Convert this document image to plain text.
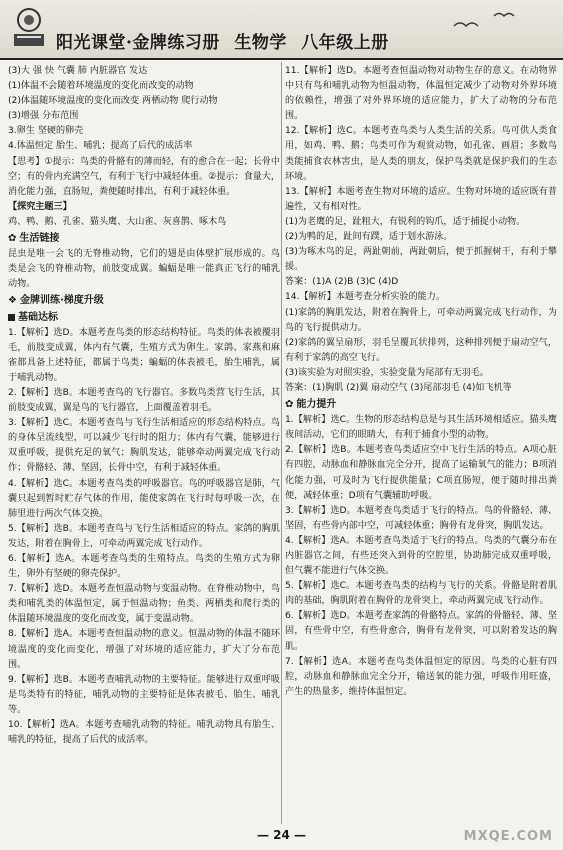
阳光课堂·金牌练习册 生物学 八年级上册

(3)大 强 快 气囊 肺 内脏器官 发达

(1)体温不会随着环境温度的变化而改变的动物

(2)体温随环境温度的变化而改变 两栖动物 爬行动物

(3)增强 分布范围

3.卵生 坚硬的卵壳

4.体温恒定 胎生、哺乳；提高了后代的成活率

【思考】①提示：鸟类的骨骼有的薄而轻，有的愈合在一起；长骨中空；有的骨内充满空气，有利于飞行中减轻体重。②提示：食量大，消化能力强，直肠短，粪便随时排出，有利于减轻体重。

【探究主题三】

鸡、鸭、鹅、孔雀、猫头鹰、大山雀、灰喜鹊、啄木鸟

✿ 生活链接

昆虫是唯一会飞的无脊椎动物，它们的翅是由体壁扩展形成的。鸟类是会飞的脊椎动物，前肢变成翼。蝙蝠是唯一能真正飞行的哺乳动物。

❖ 金牌训练·梯度升级
基础达标

1.【解析】选D。本题考查鸟类的形态结构特征。鸟类的体表被覆羽毛，前肢变成翼，体内有气囊，生殖方式为卵生。家鸽、家燕和麻雀都具备上述特征，都属于鸟类；蝙蝠的体表被毛，胎生哺乳，属于哺乳动物。

2.【解析】选B。本题考查鸟的飞行器官。多数鸟类营飞行生活，其前肢变成翼，翼是鸟的飞行器官，上面覆盖着羽毛。

3.【解析】选C。本题考查鸟与飞行生活相适应的形态结构特点。鸟的身体呈流线型，可以减少飞行时的阻力；体内有气囊，能够进行双重呼吸，提供充足的氧气；胸肌发达，能够牵动两翼完成飞行动作；骨骼轻、薄、坚固，长骨中空，有利于减轻体重。

4.【解析】选C。本题考查鸟类的呼吸器官。鸟的呼吸器官是肺，气囊只起到暂时贮存气体的作用，能使家鸽在飞行时每呼吸一次，在肺里进行两次气体交换。

5.【解析】选B。本题考查鸟与飞行生活相适应的特点。家鸽的胸肌发达，附着在胸骨上，可牵动两翼完成飞行动作。

6.【解析】选A。本题考查鸟类的生殖特点。鸟类的生殖方式为卵生，卵外有坚硬的卵壳保护。

7.【解析】选D。本题考查恒温动物与变温动物。在脊椎动物中，鸟类和哺乳类的体温恒定，属于恒温动物；鱼类、两栖类和爬行类的体温随环境温度的变化而改变，属于变温动物。

8.【解析】选A。本题考查恒温动物的意义。恒温动物的体温不随环境温度的变化而变化，增强了对环境的适应能力，扩大了分布范围。

9.【解析】选B。本题考查哺乳动物的主要特征。能够进行双重呼吸是鸟类特有的特征，哺乳动物的主要特征是体表被毛、胎生、哺乳等。

10.【解析】选A。本题考查哺乳动物的特征。哺乳动物具有胎生、哺乳的特征，提高了后代的成活率。

11.【解析】选D。本题考查恒温动物对动物生存的意义。在动物界中只有鸟和哺乳动物为恒温动物，体温恒定减少了动物对外界环境的依赖性，增强了对外界环境的适应能力，扩大了动物的分布范围。

12.【解析】选C。本题考查鸟类与人类生活的关系。鸟可供人类食用，如鸡、鸭、鹅；鸟类可作为观赏动物，如孔雀、画眉；多数鸟类能捕食农林害虫，是人类的朋友，保护鸟类就是保护我们的生态环境。

13.【解析】本题考查生物对环境的适应。生物对环境的适应既有普遍性，又有相对性。

(1)为老鹰的足，趾粗大，有锐利的钩爪，适于捕捉小动物。

(2)为鸭的足，趾间有蹼，适于划水游泳。

(3)为啄木鸟的足，两趾朝前，两趾朝后，便于抓握树干，有利于攀援。

答案：(1)A (2)B (3)C (4)D

14.【解析】本题考查分析实验的能力。

(1)家鸽的胸肌发达，附着在胸骨上，可牵动两翼完成飞行动作，为鸟的飞行提供动力。

(2)家鸽的翼呈扇形，羽毛呈覆瓦状排列，这种排列便于扇动空气，有利于家鸽的高空飞行。

(3)该实验为对照实验，实验变量为尾部有无羽毛。

答案：(1)胸肌 (2)翼 扇动空气 (3)尾部羽毛 (4)如飞机等

✿ 能力提升

1.【解析】选C。生物的形态结构总是与其生活环境相适应。猫头鹰夜间活动，它们的眼睛大，有利于捕食小型的动物。

2.【解析】选B。本题考查鸟类适应空中飞行生活的特点。A项心脏有四腔，动脉血和静脉血完全分开，提高了运输氧气的能力；B项消化能力强，可及时为飞行提供能量；C项直肠短，便于随时排出粪便，减轻体重；D项有气囊辅助呼吸。

3.【解析】选D。本题考查鸟类适于飞行的特点。鸟的骨骼轻、薄、坚固，有些骨内部中空，可减轻体重；胸骨有龙骨突，胸肌发达。

4.【解析】选A。本题考查鸟类适于飞行的特点。鸟类的气囊分布在内脏器官之间，有些还突入到骨的空腔里，协助肺完成双重呼吸，但气囊不能进行气体交换。

5.【解析】选C。本题考查鸟类的结构与飞行的关系。骨骼是附着肌肉的基础，胸肌附着在胸骨的龙骨突上，牵动两翼完成飞行动作。

6.【解析】选D。本题考查家鸽的骨骼特点。家鸽的骨骼轻、薄、坚固，有些骨中空，有些骨愈合，胸骨有龙骨突，可以附着发达的胸肌。

7.【解析】选A。本题考查鸟类体温恒定的原因。鸟类的心脏有四腔，动脉血和静脉血完全分开，输送氧的能力强，呼吸作用旺盛，产生的热量多，维持体温恒定。

— 24 —	MXQE.COM
